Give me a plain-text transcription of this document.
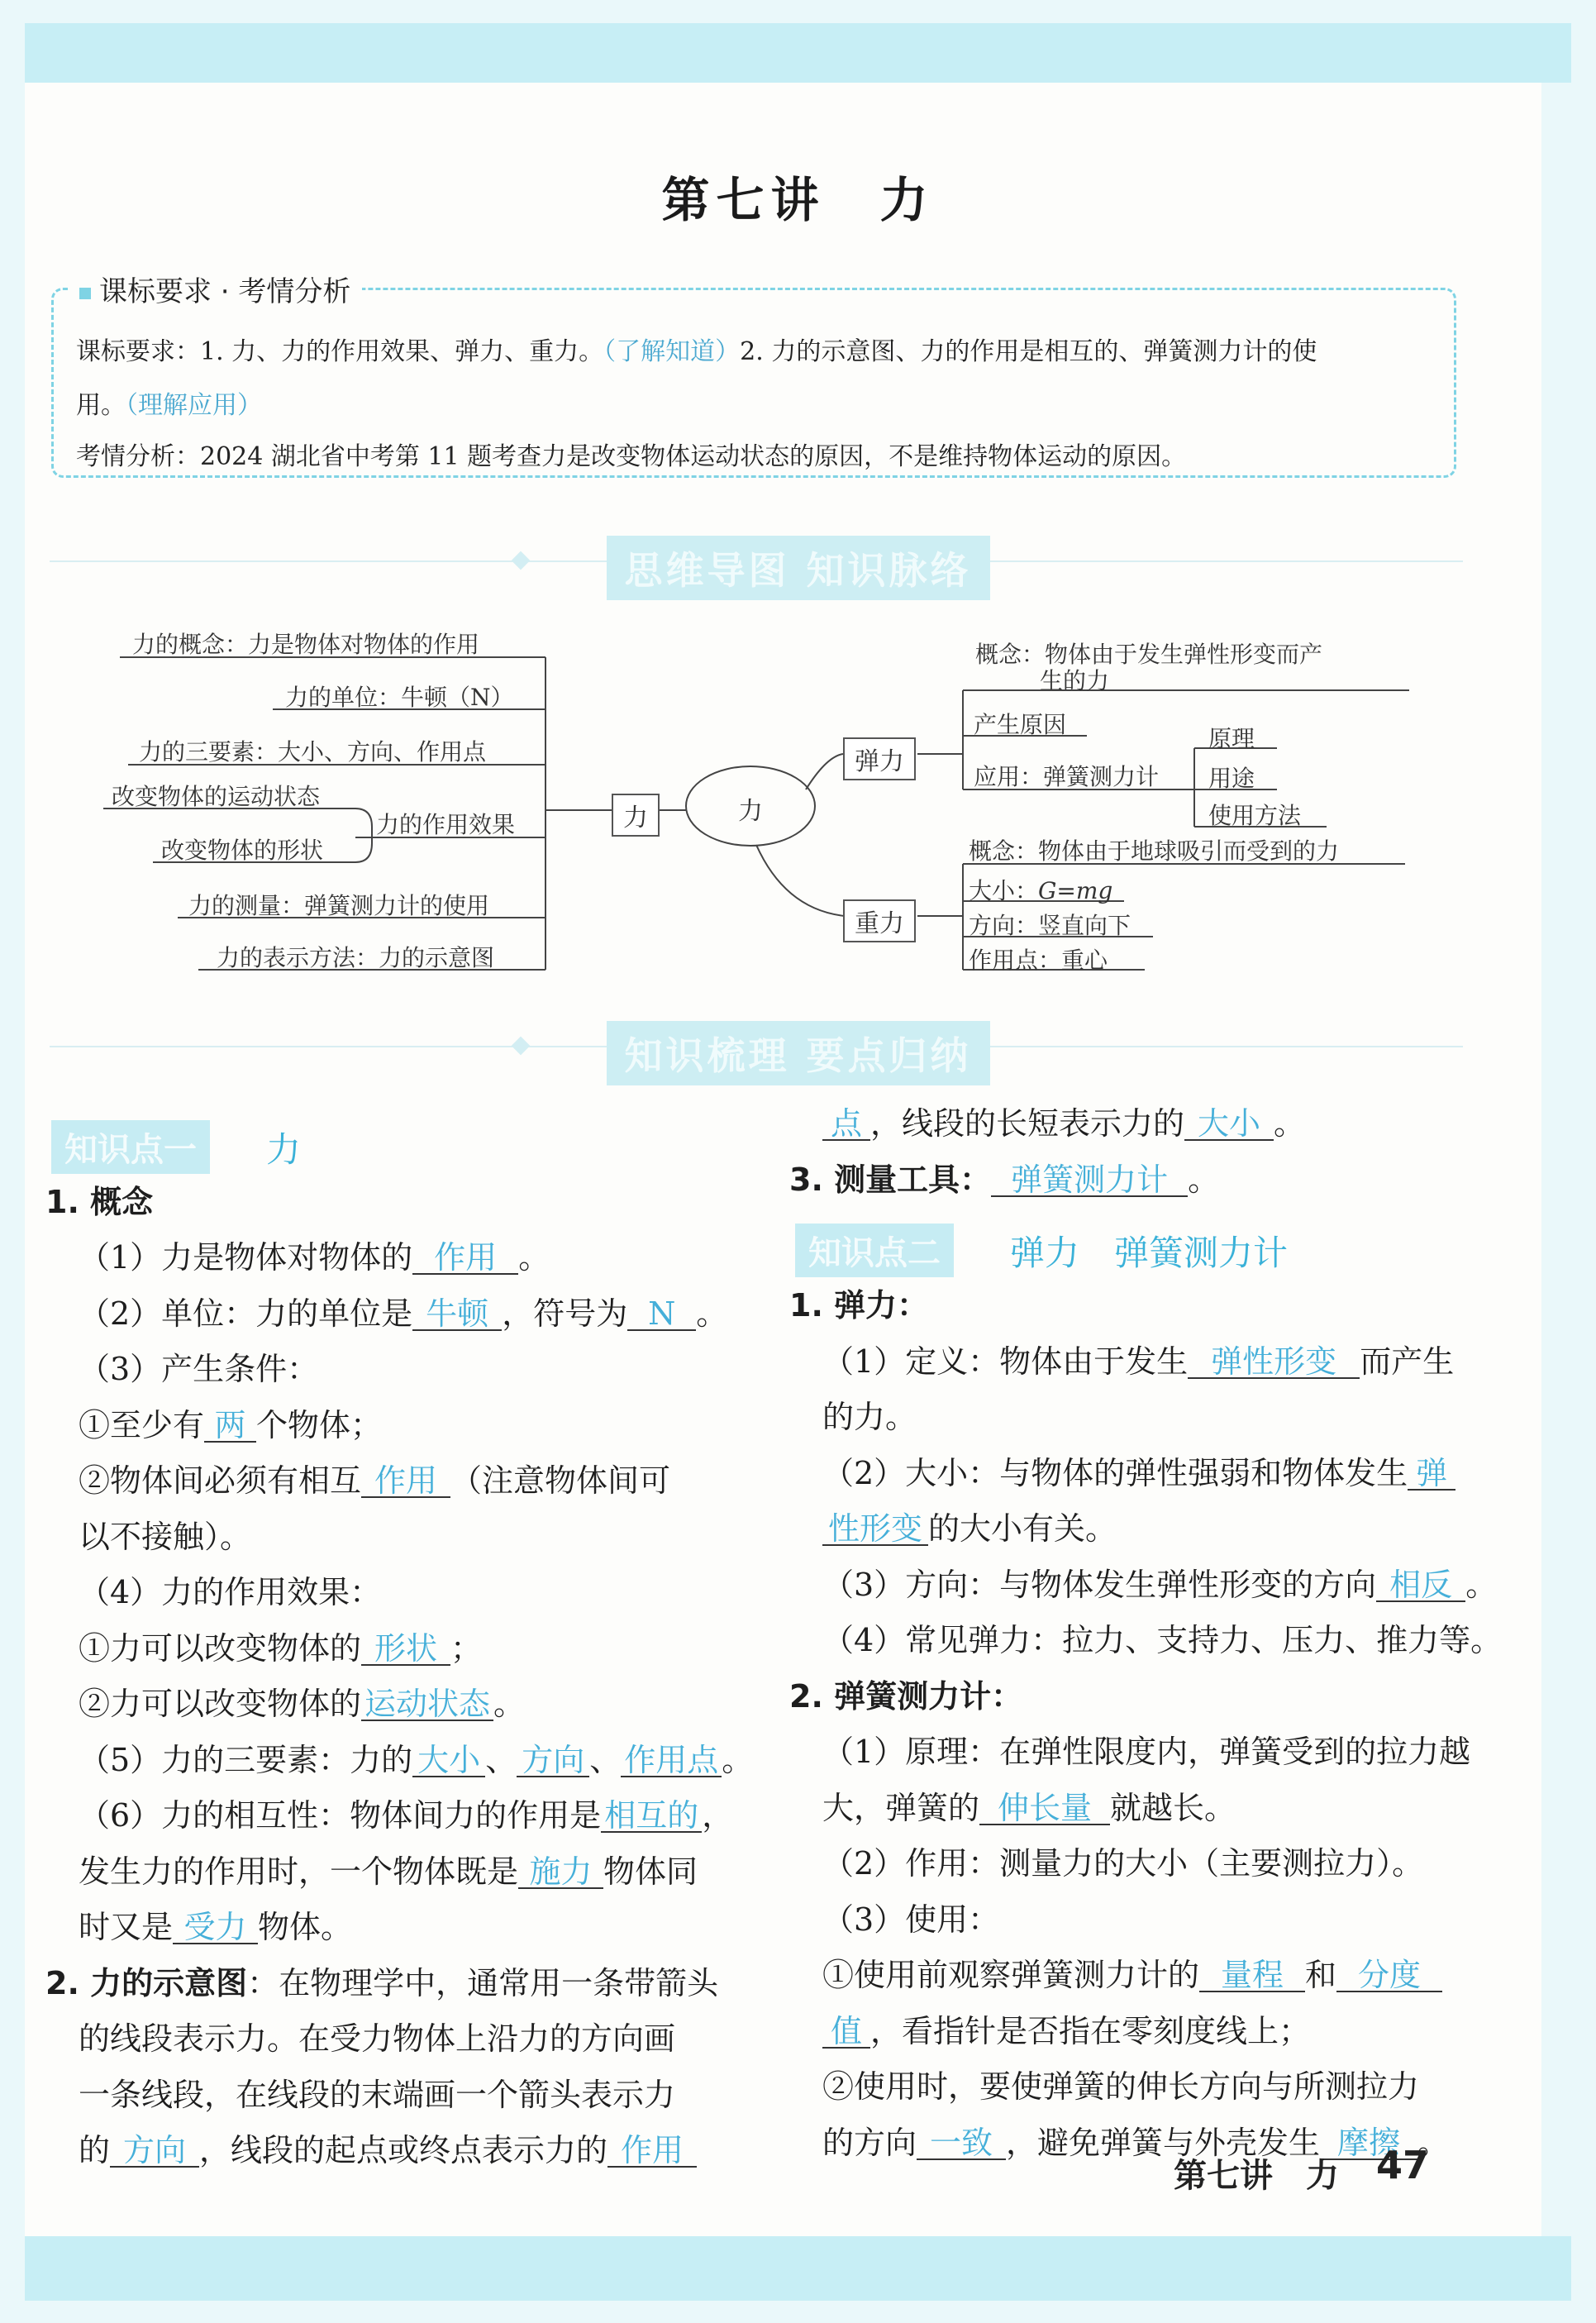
第七讲　力
课标要求 · 考情分析
课标要求：1. 力、力的作用效果、弹力、重力。（了解知道）2. 力的示意图、力的作用是相互的、弹簧测力计的使
用。（理解应用）
考情分析：2024 湖北省中考第 11 题考查力是改变物体运动状态的原因，不是维持物体运动的原因。
思维导图 知识脉络
力的概念：力是物体对物体的作用
力的单位：牛顿（N）
力的三要素：大小、方向、作用点
改变物体的运动状态
改变物体的形状
力的作用效果
力的测量：弹簧测力计的使用
力的表示方法：力的示意图
力	力
弹力
概念：物体由于发生弹性形变而产
生的力
产生原因
应用：弹簧测力计
原理
用途
使用方法
重力
概念：物体由于地球吸引而受到的力
大小：G=mg
方向：竖直向下
作用点：重心
知识梳理 要点归纳
知识点一	力
1. 概念
（1）力是物体对物体的 作用 。
（2）单位：力的单位是 牛顿 ，符号为 N 。
（3）产生条件：
①至少有 两 个物体；
②物体间必须有相互 作用 （注意物体间可
以不接触）。
（4）力的作用效果：
①力可以改变物体的 形状 ；
②力可以改变物体的 运动状态 。
（5）力的三要素：力的 大小 、 方向 、 作用点 。
（6）力的相互性：物体间力的作用是 相互的 ，
发生力的作用时，一个物体既是 施力 物体同
时又是 受力 物体。
2. 力的示意图：在物理学中，通常用一条带箭头
的线段表示力。在受力物体上沿力的方向画
一条线段，在线段的末端画一个箭头表示力
的 方向 ，线段的起点或终点表示力的 作用
点 ，线段的长短表示力的 大小 。
3. 测量工具： 弹簧测力计 。
知识点二	弹力　弹簧测力计
1. 弹力：
（1）定义：物体由于发生 弹性形变 而产生
的力。
（2）大小：与物体的弹性强弱和物体发生 弹
性形变 的大小有关。
（3）方向：与物体发生弹性形变的方向 相反 。
（4）常见弹力：拉力、支持力、压力、推力等。
2. 弹簧测力计：
（1）原理：在弹性限度内，弹簧受到的拉力越
大，弹簧的 伸长量 就越长。
（2）作用：测量力的大小（主要测拉力）。
（3）使用：
①使用前观察弹簧测力计的 量程 和 分度
值 ，看指针是否指在零刻度线上；
②使用时，要使弹簧的伸长方向与所测拉力
的方向 一致 ，避免弹簧与外壳发生 摩擦 。
第七讲　力 47
